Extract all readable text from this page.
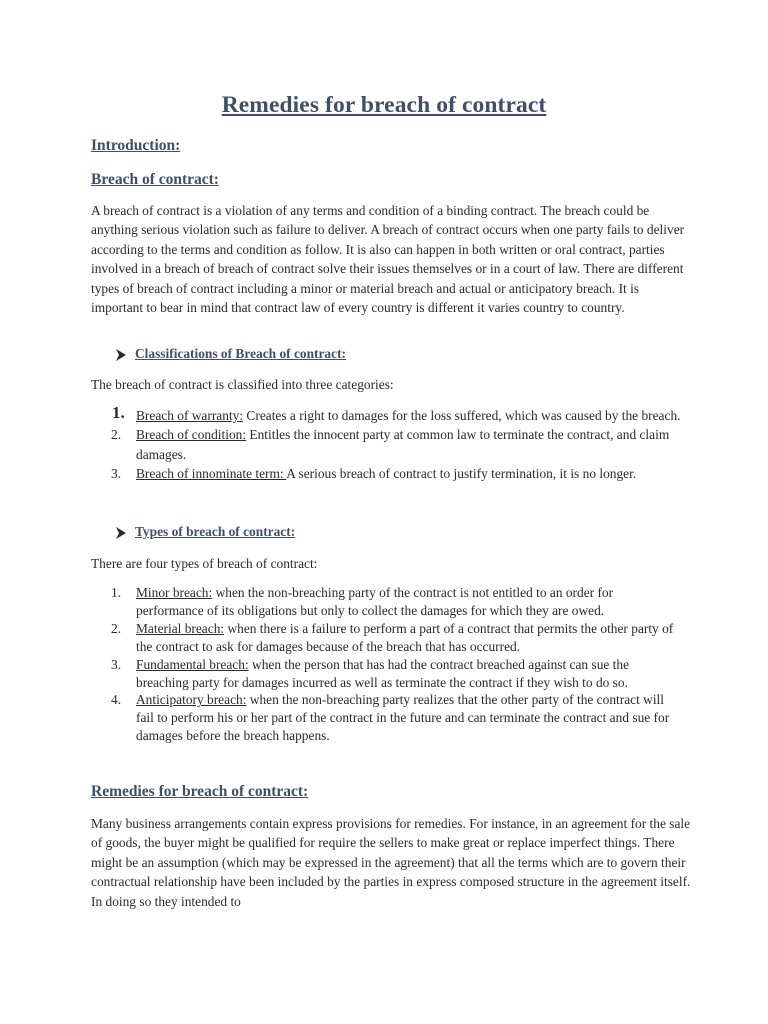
Remedies for breach of contract
Introduction:
Breach of contract:

A breach of contract is a violation of any terms and condition of a binding contract. The breach could be anything serious violation such as failure to deliver. A breach of contract occurs when one party fails to deliver according to the terms and condition as follow. It is also can happen in both written or oral contract, parties involved in a breach of breach of contract solve their issues themselves or in a court of law. There are different types of breach of contract including a minor or material breach and actual or anticipatory breach. It is important to bear in mind that contract law of every country is different it varies country to country.

Classifications of Breach of contract:

The breach of contract is classified into three categories:

1. Breach of warranty: Creates a right to damages for the loss suffered, which was caused by the breach.
2. Breach of condition: Entitles the innocent party at common law to terminate the contract, and claim damages.
3. Breach of innominate term: A serious breach of contract to justify termination, it is no longer.
Types of breach of contract:

There are four types of breach of contract:

1. Minor breach: when the non-breaching party of the contract is not entitled to an order for performance of its obligations but only to collect the damages for which they are owed.
2. Material breach: when there is a failure to perform a part of a contract that permits the other party of the contract to ask for damages because of the breach that has occurred.
3. Fundamental breach: when the person that has had the contract breached against can sue the breaching party for damages incurred as well as terminate the contract if they wish to do so.
4. Anticipatory breach: when the non-breaching party realizes that the other party of the contract will fail to perform his or her part of the contract in the future and can terminate the contract and sue for damages before the breach happens.
Remedies for breach of contract:

Many business arrangements contain express provisions for remedies. For instance, in an agreement for the sale of goods, the buyer might be qualified for require the sellers to make great or replace imperfect things. There might be an assumption (which may be expressed in the agreement) that all the terms which are to govern their contractual relationship have been included by the parties in express composed structure in the agreement itself. In doing so they intended to
